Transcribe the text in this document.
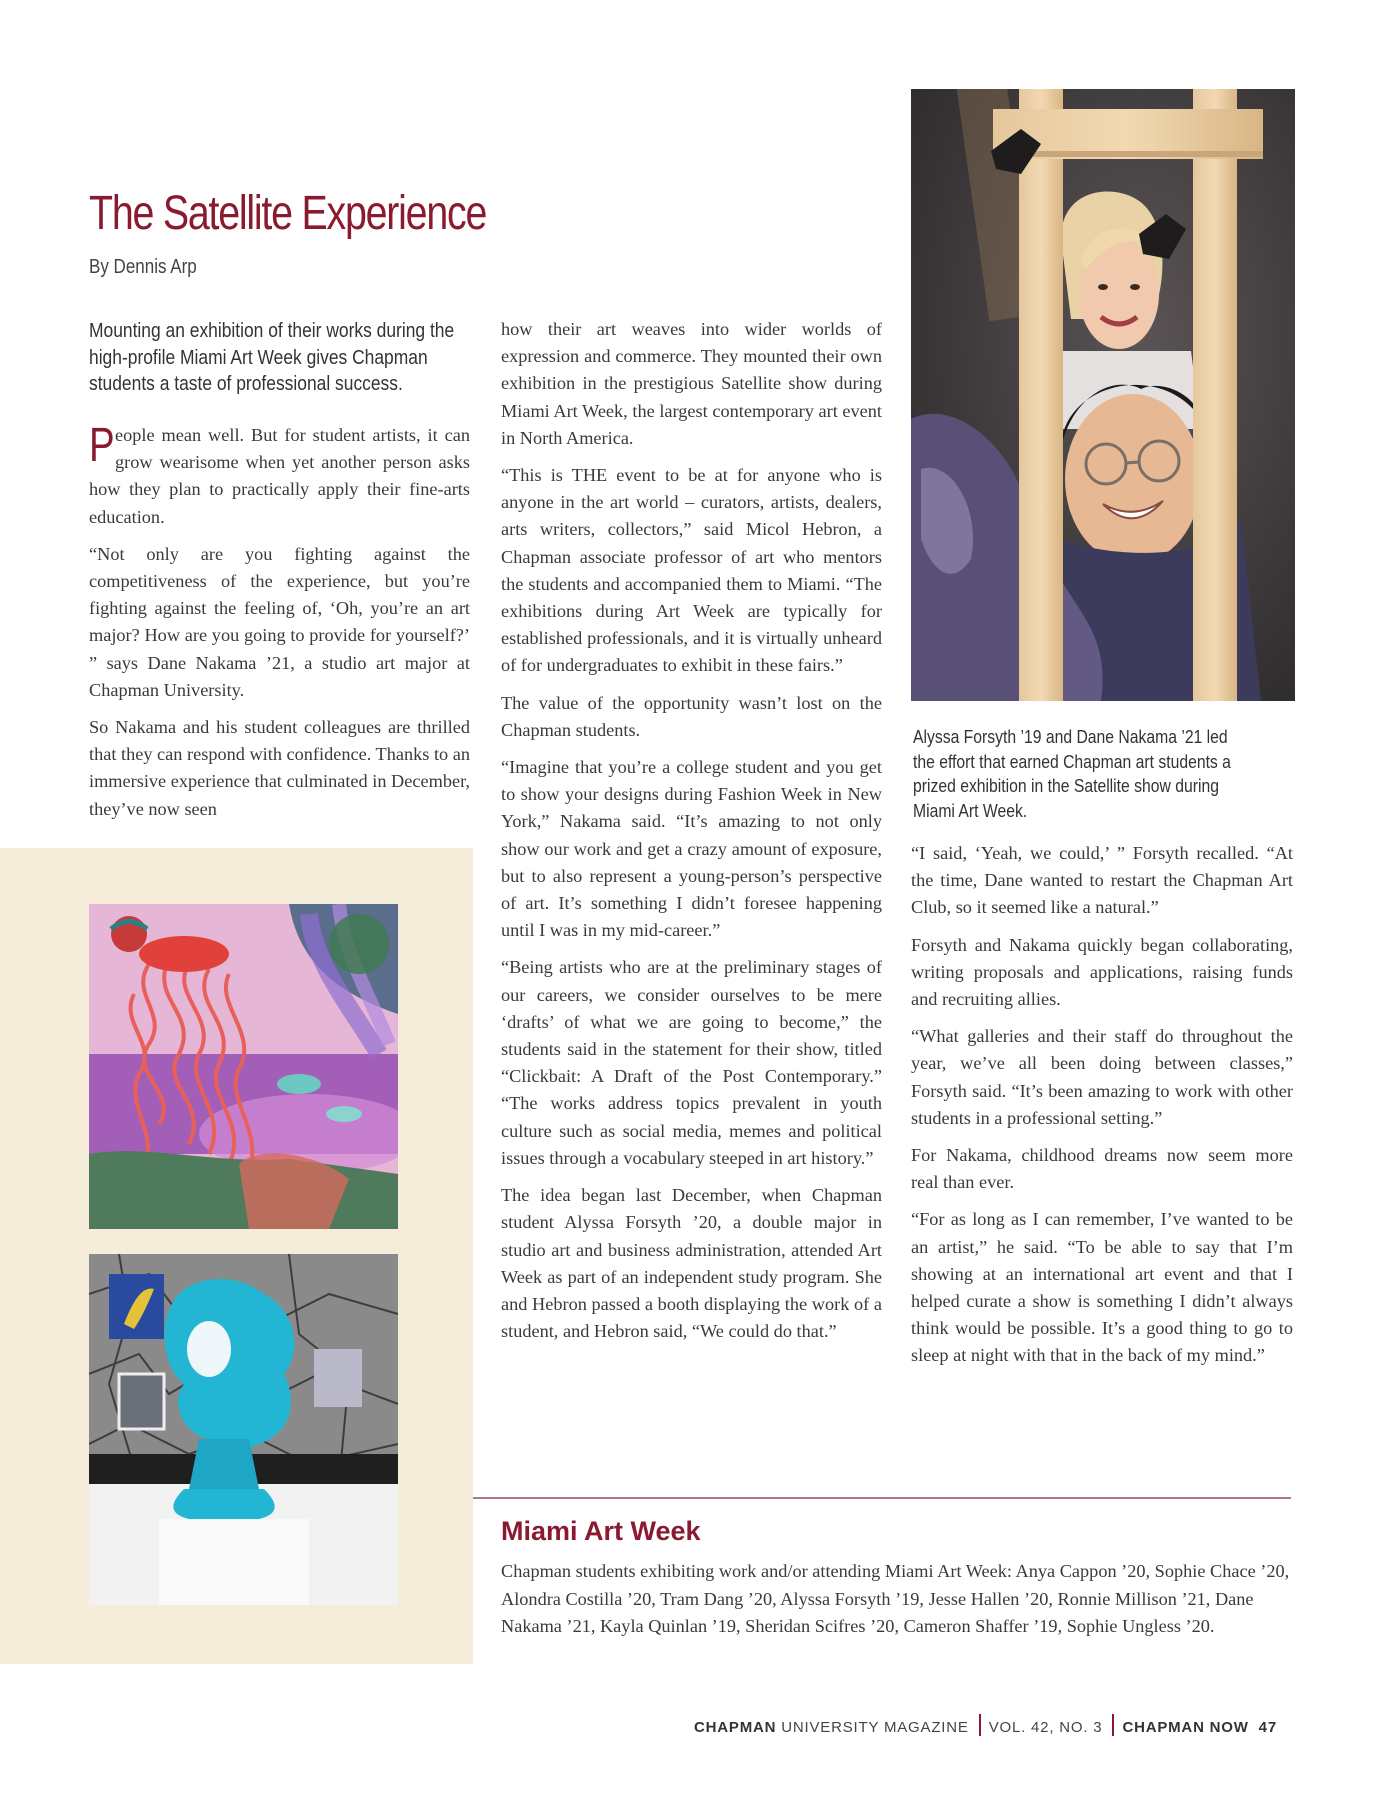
The Satellite Experience
By Dennis Arp
Mounting an exhibition of their works during the high-profile Miami Art Week gives Chapman students a taste of professional success.

People mean well. But for student artists, it can grow wearisome when yet another person asks how they plan to practically apply their fine-arts education.

“Not only are you fighting against the competitiveness of the experience, but you’re fighting against the feeling of, ‘Oh, you’re an art major? How are you going to provide for yourself?’ ” says Dane Nakama ’21, a studio art major at Chapman University.

So Nakama and his student colleagues are thrilled that they can respond with confidence. Thanks to an immersive experience that culminated in December, they’ve now seen

how their art weaves into wider worlds of expression and commerce. They mounted their own exhibition in the prestigious Satellite show during Miami Art Week, the largest contemporary art event in North America.

“This is THE event to be at for anyone who is anyone in the art world – curators, artists, dealers, arts writers, collectors,” said Micol Hebron, a Chapman associate professor of art who mentors the students and accompanied them to Miami. “The exhibitions during Art Week are typically for established professionals, and it is virtually unheard of for undergraduates to exhibit in these fairs.”

The value of the opportunity wasn’t lost on the Chapman students.

“Imagine that you’re a college student and you get to show your designs during Fashion Week in New York,” Nakama said. “It’s amazing to not only show our work and get a crazy amount of exposure, but to also represent a young-person’s perspective of art. It’s something I didn’t foresee happening until I was in my mid-career.”

“Being artists who are at the preliminary stages of our careers, we consider ourselves to be mere ‘drafts’ of what we are going to become,” the students said in the statement for their show, titled “Clickbait: A Draft of the Post Contemporary.” “The works address topics prevalent in youth culture such as social media, memes and political issues through a vocabulary steeped in art history.”

The idea began last December, when Chapman student Alyssa Forsyth ’20, a double major in studio art and business administration, attended Art Week as part of an independent study program. She and Hebron passed a booth displaying the work of a student, and Hebron said, “We could do that.”

“I said, ‘Yeah, we could,’ ” Forsyth recalled. “At the time, Dane wanted to restart the Chapman Art Club, so it seemed like a natural.”

Forsyth and Nakama quickly began collaborating, writing proposals and applications, raising funds and recruiting allies.

“What galleries and their staff do throughout the year, we’ve all been doing between classes,” Forsyth said. “It’s been amazing to work with other students in a professional setting.”

For Nakama, childhood dreams now seem more real than ever.

“For as long as I can remember, I’ve wanted to be an artist,” he said. “To be able to say that I’m showing at an international art event and that I helped curate a show is something I didn’t always think would be possible. It’s a good thing to go to sleep at night with that in the back of my mind.”

Alyssa Forsyth ’19 and Dane Nakama ’21 led the effort that earned Chapman art students a prized exhibition in the Satellite show during Miami Art Week.
Miami Art Week
Chapman students exhibiting work and/or attending Miami Art Week: Anya Cappon ’20, Sophie Chace ’20, Alondra Costilla ’20, Tram Dang ’20, Alyssa Forsyth ’19, Jesse Hallen ’20, Ronnie Millison ’21, Dane Nakama ’21, Kayla Quinlan ’19, Sheridan Scifres ’20, Cameron Shaffer ’19, Sophie Ungless ’20.
CHAPMAN UNIVERSITY MAGAZINE VOL. 42, NO. 3 CHAPMAN NOW 47
